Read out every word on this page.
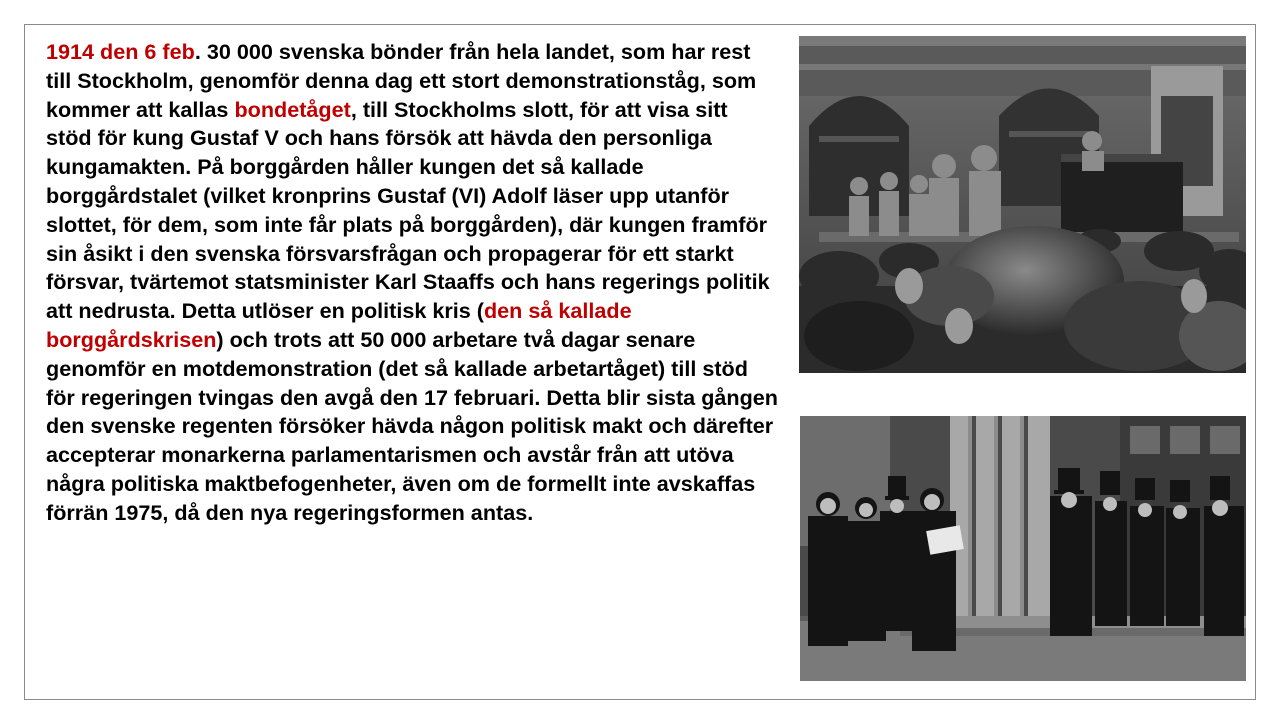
1914 den 6 feb. 30 000 svenska bönder från hela landet, som har rest till Stockholm, genomför denna dag ett stort demonstrationståg, som kommer att kallas bondetåget, till Stockholms slott, för att visa sitt stöd för kung Gustaf V och hans försök att hävda den personliga kungamakten. På borggården håller kungen det så kallade borggårdstalet (vilket kronprins Gustaf (VI) Adolf läser upp utanför slottet, för dem, som inte får plats på borggården), där kungen framför sin åsikt i den svenska försvarsfrågan och propagerar för ett starkt försvar, tvärtemot statsminister Karl Staaffs och hans regerings politik att nedrusta. Detta utlöser en politisk kris (den så kallade borggårdskrisen) och trots att 50 000 arbetare två dagar senare genomför en motdemonstration (det så kallade arbetartåget) till stöd för regeringen tvingas den avgå den 17 februari. Detta blir sista gången den svenske regenten försöker hävda någon politisk makt och därefter accepterar monarkerna parlamentarismen och avstår från att utöva några politiska maktbefogenheter, även om de formellt inte avskaffas förrän 1975, då den nya regeringsformen antas.
